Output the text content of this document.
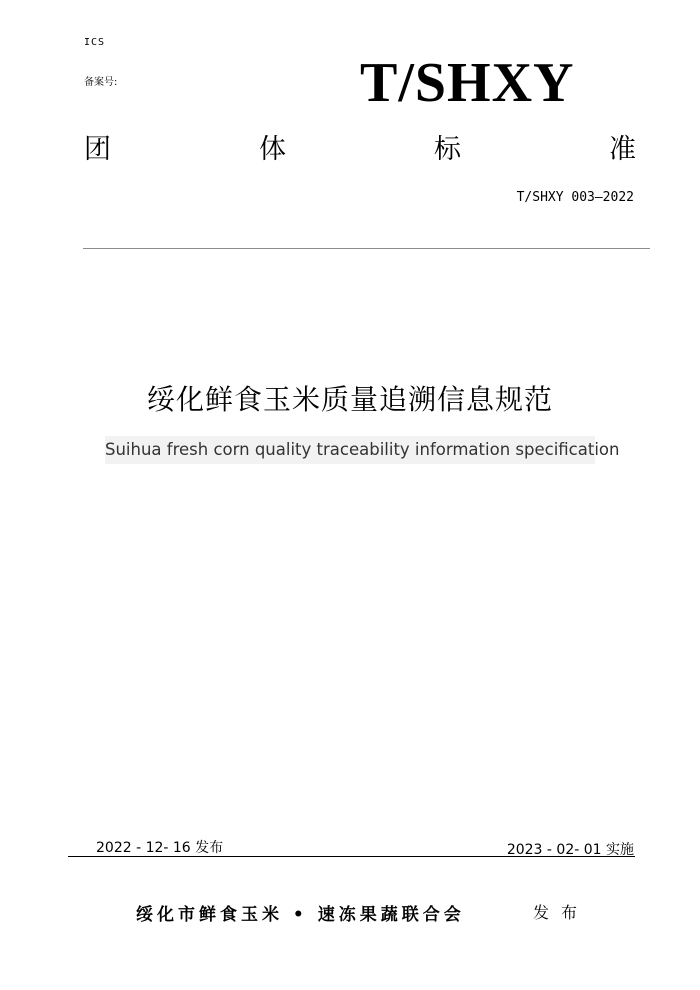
ICS
备案号:	T/SHXY
团	体	标	准
T/SHXY 003—2022
绥化鲜食玉米质量追溯信息规范
Suihua fresh corn quality traceability information specification
2022 - 12- 16 发布	2023 - 02- 01 实施
绥化市鲜食玉米 • 速冻果蔬联合会	发布
